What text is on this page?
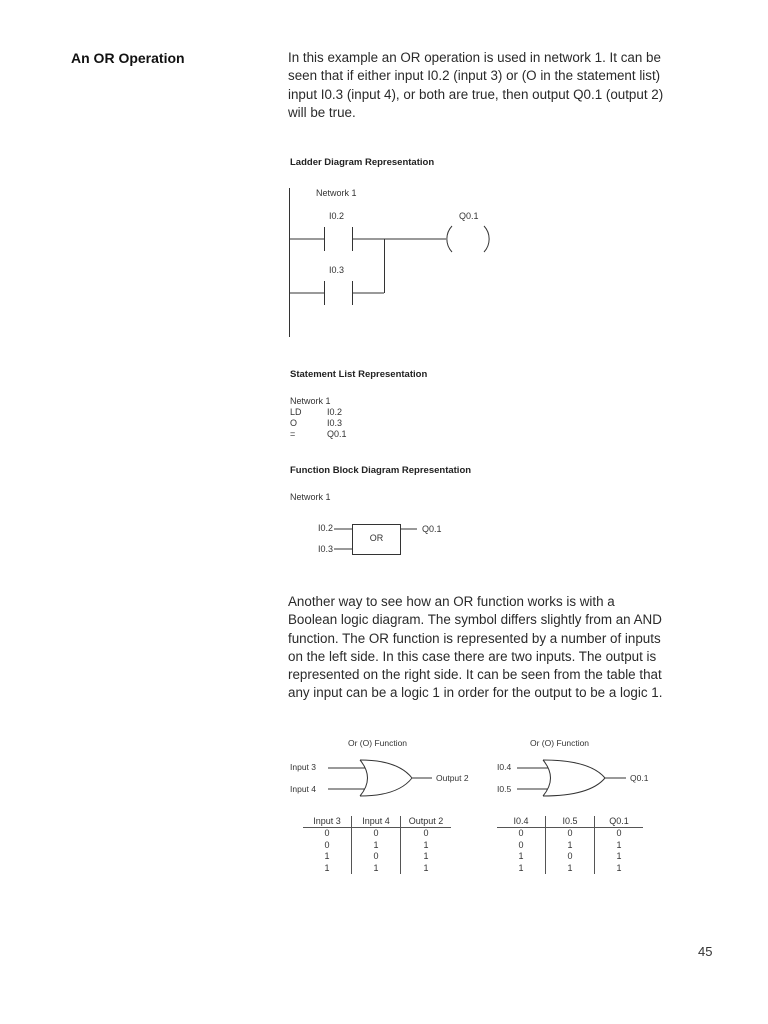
An OR Operation	In this example an OR operation is used in network 1. It can be
seen that if either input I0.2 (input 3) or (O in the statement list)
input I0.3 (input 4), or both are true, then output Q0.1 (output 2)
will be true.
Ladder Diagram Representation
Network 1
I0.2
I0.3
Q0.1
Statement List Representation
Network 1
LD	I0.2
O	I0.3
=	Q0.1
Function Block Diagram Representation
Network 1
I0.2
I0.3
OR
Q0.1
Another way to see how an OR function works is with a
Boolean logic diagram. The symbol differs slightly from an AND
function. The OR function is represented by a number of inputs
on the left side. In this case there are two inputs. The output is
represented on the right side. It can be seen from the table that
any input can be a logic 1 in order for the output to be a logic 1.
Or (O) Function
Input 3
Input 4
Output 2
Or (O) Function
I0.4
I0.5
Q0.1
Input 3	Input 4	Output 2
0	0	0
0	1	1
1	0	1
1	1	1
I0.4	I0.5	Q0.1
0	0	0
0	1	1
1	0	1
1	1	1
45
